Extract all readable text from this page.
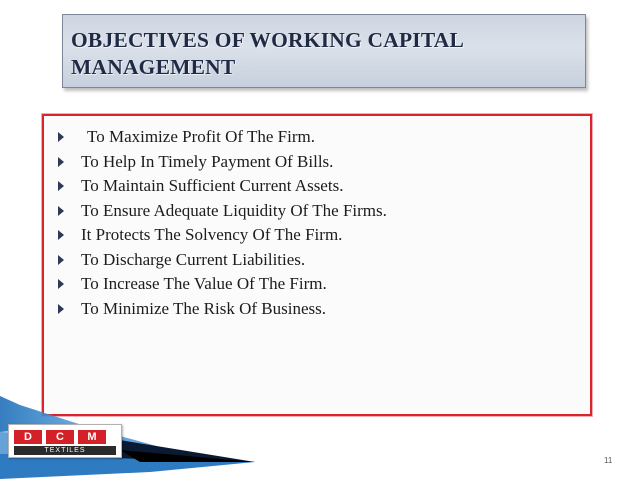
OBJECTIVES OF WORKING CAPITAL
MANAGEMENT
To Maximize Profit Of The Firm.
To Help In Timely Payment Of Bills.
To Maintain Sufficient Current Assets.
To Ensure Adequate Liquidity Of The Firms.
It Protects The Solvency Of The Firm.
To Discharge Current Liabilities.
To Increase The Value Of The Firm.
To Minimize The Risk Of Business.
D	C	M
TEXTILES
11
